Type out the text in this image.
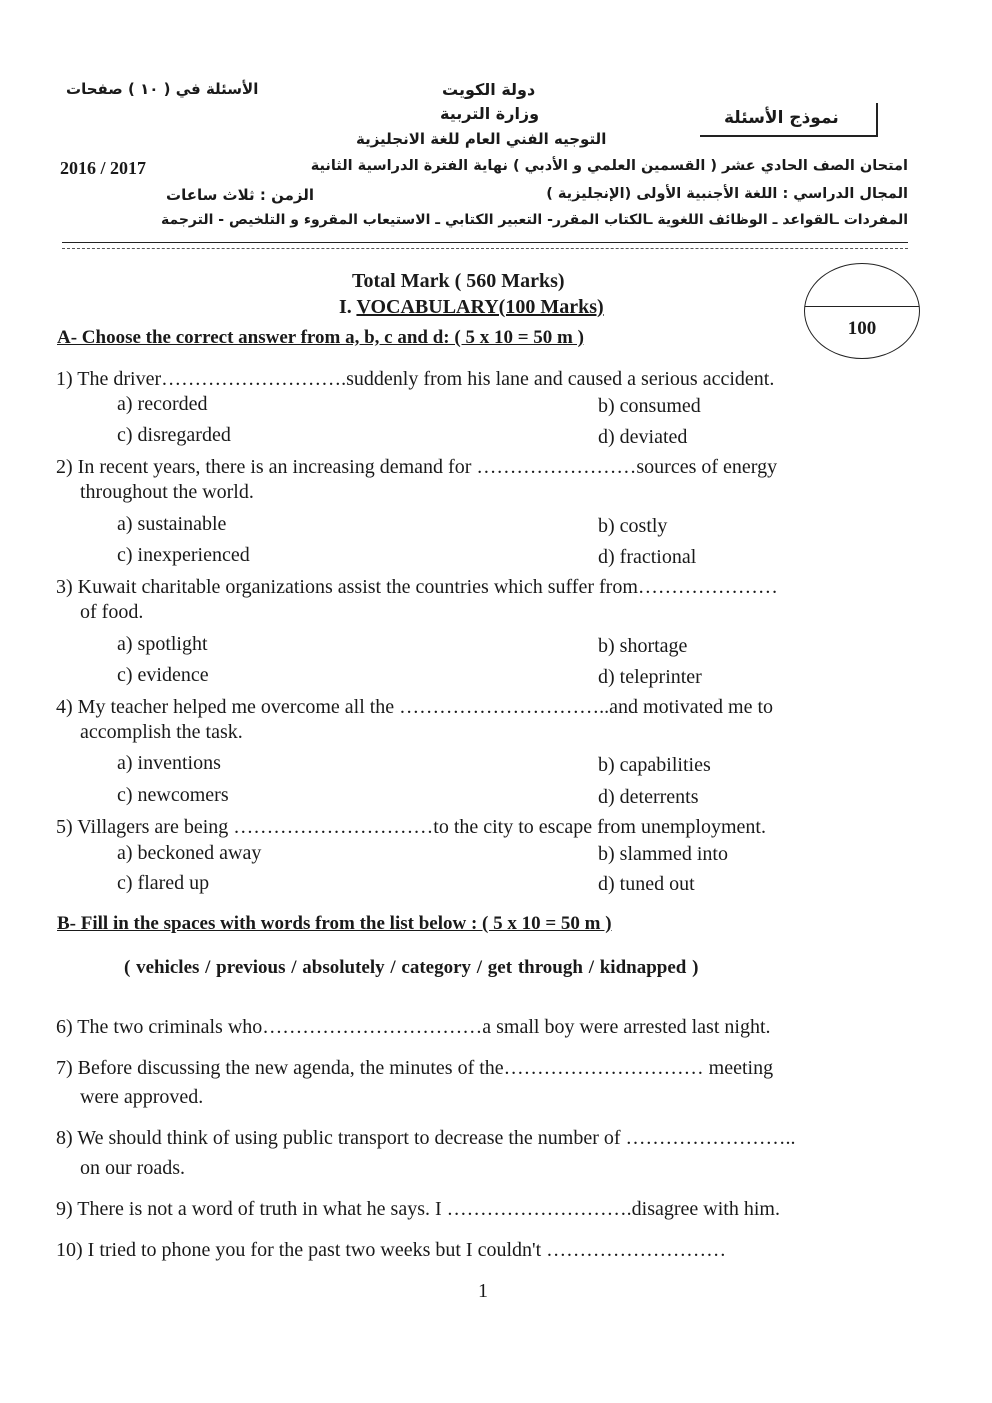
الأسئلة في ( ١٠ ) صفحات	دولة الكويت
وزارة التربية	نموذج الأسئلة
التوجيه الفني العام للغة الانجليزية
امتحان الصف الحادي عشر ( القسمين العلمي و الأدبي ) نهاية الفترة الدراسية الثانية
2016 / 2017
المجال الدراسي : اللغة الأجنبية الأولى (الإنجليزية )
الزمن : ثلاث ساعات
المفردات ـالقواعد ـ الوظائف اللغوية ـالكتاب المقرر- التعبير الكتابي ـ الاستيعاب المقروء و التلخيص - الترجمة
Total Mark ( 560 Marks)
I. VOCABULARY(100 Marks)
100
A- Choose the correct answer from a, b, c and d: ( 5 x 10 = 50 m )
1) The driver……………………….suddenly from his lane and caused a serious accident.
a) recorded	b) consumed
c) disregarded	d) deviated
2) In recent years, there is an increasing demand for ……………………sources of energy
throughout the world.
a) sustainable	b) costly
c) inexperienced	d) fractional
3) Kuwait charitable organizations assist the countries which suffer from…………………
of food.
a) spotlight	b) shortage
c) evidence	d) teleprinter
4) My teacher helped me overcome all the …………………………..and motivated me to
accomplish the task.
a) inventions	b) capabilities
c) newcomers	d) deterrents
5) Villagers are being …………………………to the city to escape from unemployment.
a) beckoned away	b) slammed into
c) flared up	d) tuned out
B- Fill in the spaces with words from the list below : ( 5 x 10 = 50 m )
( vehicles / previous / absolutely / category / get through / kidnapped )
6) The two criminals who……………………………a small boy were arrested last night.
7) Before discussing the new agenda, the minutes of the………………………… meeting
were approved.
8) We should think of using public transport to decrease the number of ……………………..
on our roads.
9) There is not a word of truth in what he says. I ……………………….disagree with him.
10) I tried to phone you for the past two weeks but I couldn't ………………………
1
